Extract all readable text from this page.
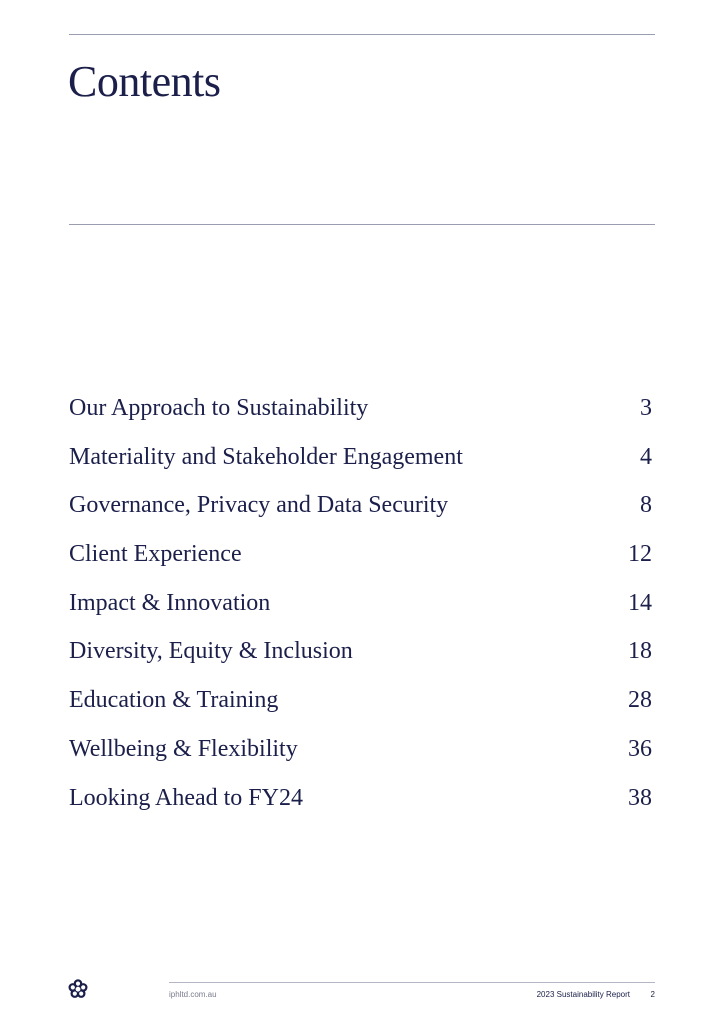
Contents
Our Approach to Sustainability	3
Materiality and Stakeholder Engagement	4
Governance, Privacy and Data Security	8
Client Experience	12
Impact & Innovation	14
Diversity, Equity & Inclusion	18
Education & Training	28
Wellbeing & Flexibility	36
Looking Ahead to FY24	38
iphltd.com.au	2023 Sustainability Report	2
